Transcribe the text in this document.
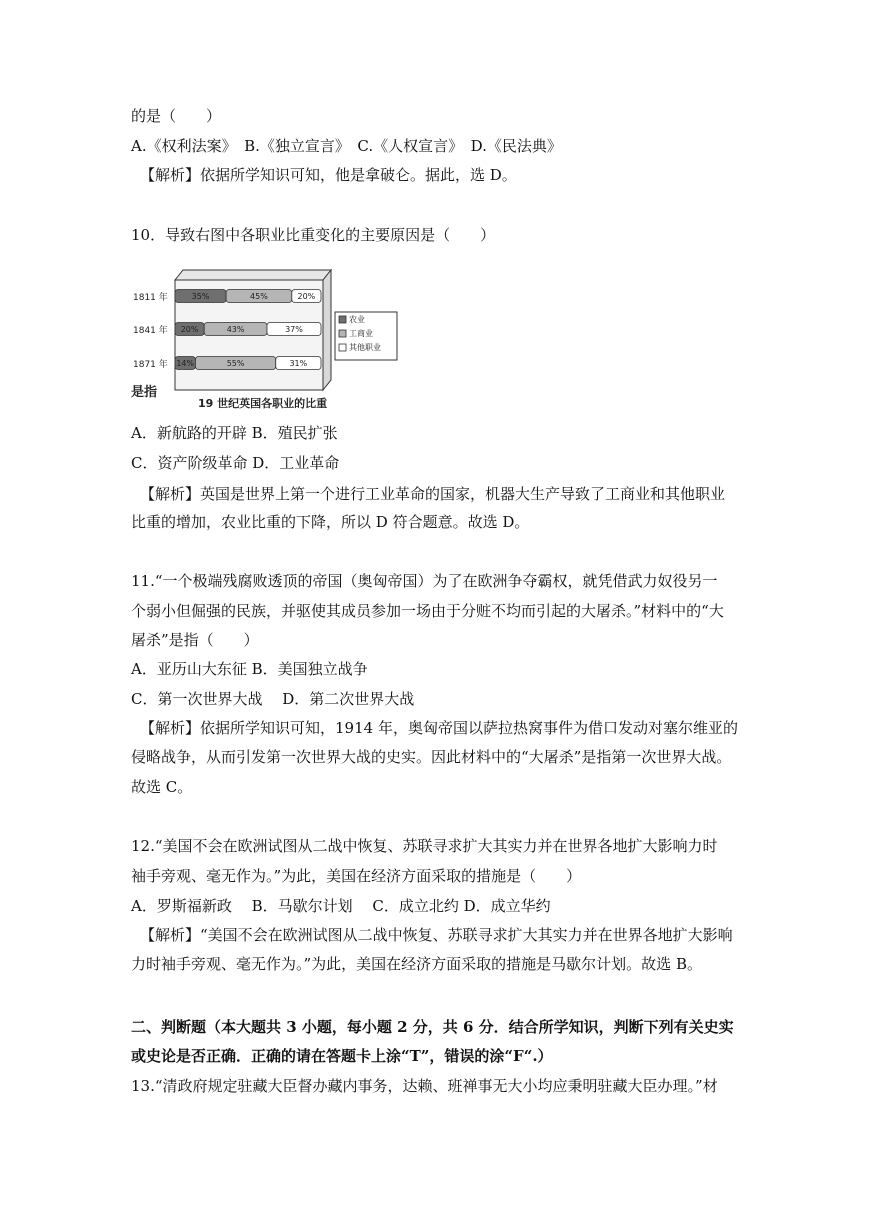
的是（　　）
A.《权利法案》　B.《独立宣言》　C.《人权宣言》　D.《民法典》
【解析】依据所学知识可知，他是拿破仑。据此，选 D。
10．导致右图中各职业比重变化的主要原因是（　　）
是指
19 世纪英国各职业的比重
1811 年	35%	45%	20%
1841 年 20%	43%	37%
1871 年 14%	55%	31%
农业
工商业
其他职业
A．新航路的开辟 B．殖民扩张
C．资产阶级革命 D．工业革命
【解析】英国是世界上第一个进行工业革命的国家，机器大生产导致了工商业和其他职业
比重的增加，农业比重的下降，所以 D 符合题意。故选 D。
11.“一个极端残腐败透顶的帝国（奥匈帝国）为了在欧洲争夺霸权，就凭借武力奴役另一
个弱小但倔强的民族，并驱使其成员参加一场由于分赃不均而引起的大屠杀。”材料中的“大
屠杀”是指（　　）
A．亚历山大东征 B．美国独立战争
C．第一次世界大战　 D．第二次世界大战
【解析】依据所学知识可知，1914 年，奥匈帝国以萨拉热窝事件为借口发动对塞尔维亚的
侵略战争，从而引发第一次世界大战的史实。因此材料中的“大屠杀”是指第一次世界大战。
故选 C。
12.“美国不会在欧洲试图从二战中恢复、苏联寻求扩大其实力并在世界各地扩大影响力时
袖手旁观、毫无作为。”为此，美国在经济方面采取的措施是（　　）
A．罗斯福新政　 B．马歇尔计划　 C．成立北约 D．成立华约
【解析】“美国不会在欧洲试图从二战中恢复、苏联寻求扩大其实力并在世界各地扩大影响
力时袖手旁观、毫无作为。”为此，美国在经济方面采取的措施是马歇尔计划。故选 B。
二、判断题（本大题共 3 小题，每小题 2 分，共 6 分．结合所学知识，判断下列有关史实
或史论是否正确．正确的请在答题卡上涂“T”，错误的涂“F“.）
13.“清政府规定驻藏大臣督办藏内事务，达赖、班禅事无大小均应秉明驻藏大臣办理。”材
